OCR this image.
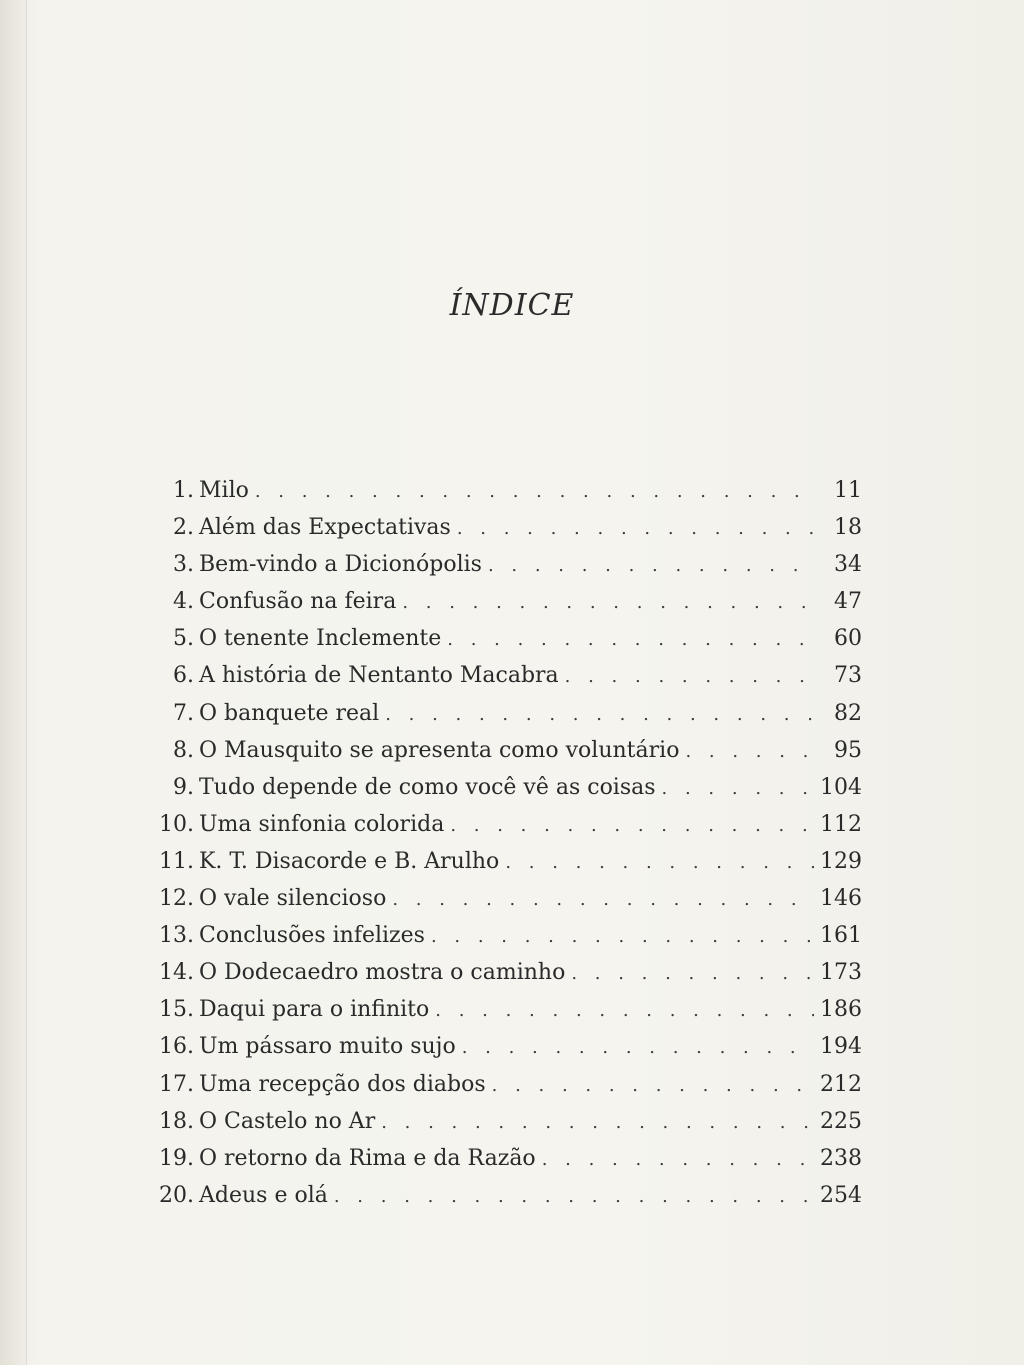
ÍNDICE
1. Milo . . .	11
2. Além das Expectativas . . .	18
3. Bem-vindo a Dicionópolis . . .	34
4. Confusão na feira . . .	47
5. O tenente Inclemente . . .	60
6. A história de Nentanto Macabra . . .	73
7. O banquete real . . .	82
8. O Mausquito se apresenta como voluntário . . .	95
9. Tudo depende de como você vê as coisas . . .	104
10. Uma sinfonia colorida . . .	112
11. K. T. Disacorde e B. Arulho . . .	129
12. O vale silencioso . . .	146
13. Conclusões infelizes . . .	161
14. O Dodecaedro mostra o caminho . . .	173
15. Daqui para o infinito . . .	186
16. Um pássaro muito sujo . . .	194
17. Uma recepção dos diabos . . .	212
18. O Castelo no Ar . . .	225
19. O retorno da Rima e da Razão . . .	238
20. Adeus e olá . . .	254
